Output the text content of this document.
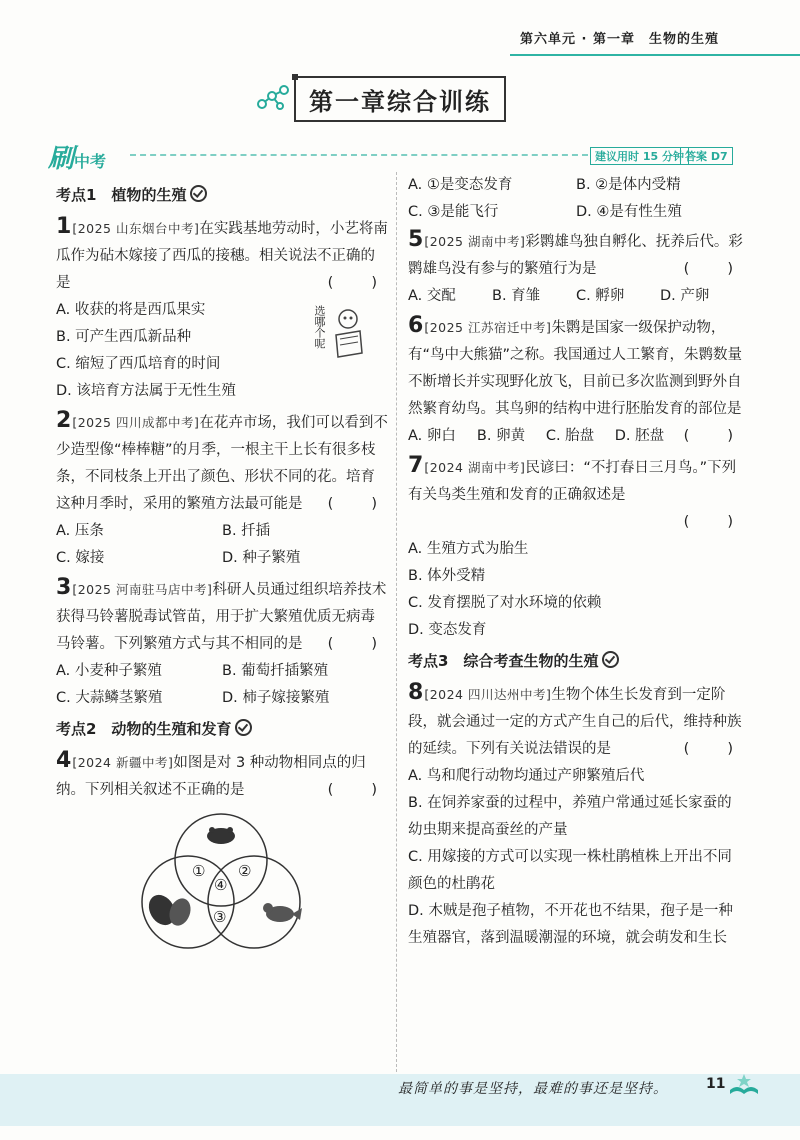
第六单元 · 第一章　生物的生殖
第一章综合训练
刷中考	建议用时 15 分钟 答案 D7
考点1　植物的生殖
1[2025 山东烟台中考]在实践基地劳动时，小艺将南瓜作为砧木嫁接了西瓜的接穗。相关说法不正确的是	(　　)
A. 收获的将是西瓜果实
B. 可产生西瓜新品种
C. 缩短了西瓜培育的时间
D. 该培育方法属于无性生殖
选哪个呢
2[2025 四川成都中考]在花卉市场，我们可以看到不少造型像“棒棒糖”的月季，一根主干上长有很多枝条，不同枝条上开出了颜色、形状不同的花。培育这种月季时，采用的繁殖方法最可能是 (　　)
A. 压条	B. 扦插
C. 嫁接	D. 种子繁殖
3[2025 河南驻马店中考]科研人员通过组织培养技术获得马铃薯脱毒试管苗，用于扩大繁殖优质无病毒马铃薯。下列繁殖方式与其不相同的是 (　　)
A. 小麦种子繁殖	B. 葡萄扦插繁殖
C. 大蒜鳞茎繁殖	D. 柿子嫁接繁殖
考点2　动物的生殖和发育
4[2024 新疆中考]如图是对 3 种动物相同点的归纳。下列相关叙述不正确的是	(　　)
① ②
③
④
A. ①是变态发育	B. ②是体内受精
C. ③是能飞行	D. ④是有性生殖
5[2025 湖南中考]彩鹮雄鸟独自孵化、抚养后代。彩鹮雄鸟没有参与的繁殖行为是	(　　)
A. 交配	B. 育雏	C. 孵卵	D. 产卵
6[2025 江苏宿迁中考]朱鹮是国家一级保护动物，有“鸟中大熊猫”之称。我国通过人工繁育，朱鹮数量不断增长并实现野化放飞，目前已多次监测到野外自然繁育幼鸟。其鸟卵的结构中进行胚胎发育的部位是
(　　)
A. 卵白	B. 卵黄	C. 胎盘	D. 胚盘
7[2024 湖南中考]民谚曰：“不打春日三月鸟。”下列有关鸟类生殖和发育的正确叙述是
(　　)
A. 生殖方式为胎生
B. 体外受精
C. 发育摆脱了对水环境的依赖
D. 变态发育
考点3　综合考查生物的生殖
8[2024 四川达州中考]生物个体生长发育到一定阶段，就会通过一定的方式产生自己的后代，维持种族的延续。下列有关说法错误的是	(　　)
A. 鸟和爬行动物均通过产卵繁殖后代
B. 在饲养家蚕的过程中，养殖户常通过延长家蚕的幼虫期来提高蚕丝的产量
C. 用嫁接的方式可以实现一株杜鹃植株上开出不同颜色的杜鹃花
D. 木贼是孢子植物，不开花也不结果，孢子是一种生殖器官，落到温暖潮湿的环境，就会萌发和生长
最简单的事是坚持，最难的事还是坚持。	11
